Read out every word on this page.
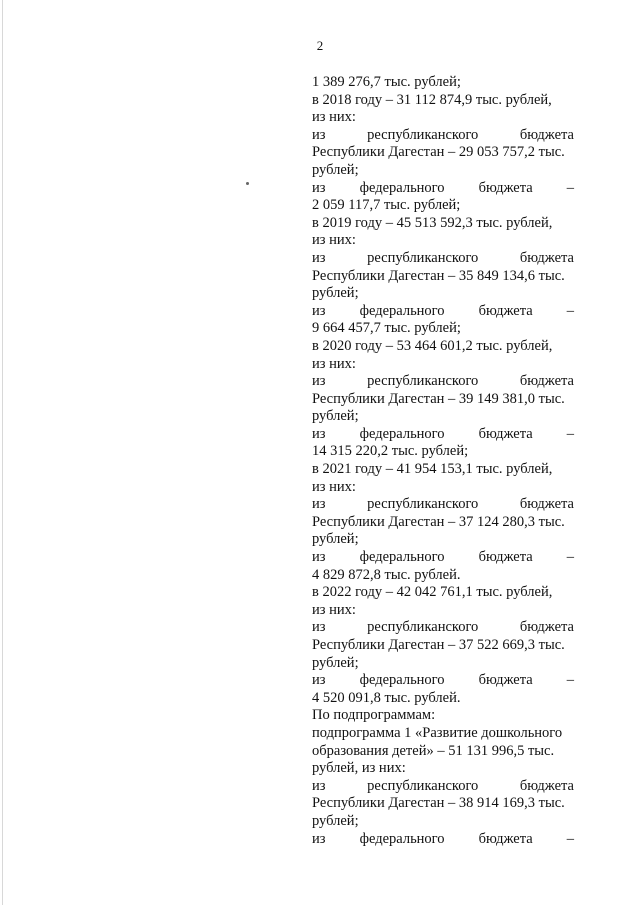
2
1 389 276,7 тыс. рублей;
в 2018 году – 31 112 874,9 тыс. рублей,
из них:
из	республиканского	бюджета
Республики Дагестан – 29 053 757,2 тыс.
рублей;
из федерального бюджета –
2 059 117,7 тыс. рублей;
в 2019 году – 45 513 592,3 тыс. рублей,
из них:
из	республиканского	бюджета
Республики Дагестан – 35 849 134,6 тыс.
рублей;
из федерального бюджета –
9 664 457,7 тыс. рублей;
в 2020 году – 53 464 601,2 тыс. рублей,
из них:
из	республиканского	бюджета
Республики Дагестан – 39 149 381,0 тыс.
рублей;
из федерального бюджета –
14 315 220,2 тыс. рублей;
в 2021 году – 41 954 153,1 тыс. рублей,
из них:
из	республиканского	бюджета
Республики Дагестан – 37 124 280,3 тыс.
рублей;
из федерального бюджета –
4 829 872,8 тыс. рублей.
в 2022 году – 42 042 761,1 тыс. рублей,
из них:
из	республиканского	бюджета
Республики Дагестан – 37 522 669,3 тыс.
рублей;
из федерального бюджета –
4 520 091,8 тыс. рублей.
По подпрограммам:
подпрограмма 1 «Развитие дошкольного
образования детей» – 51 131 996,5 тыс.
рублей, из них:
из	республиканского	бюджета
Республики Дагестан – 38 914 169,3 тыс.
рублей;
из федерального бюджета –
